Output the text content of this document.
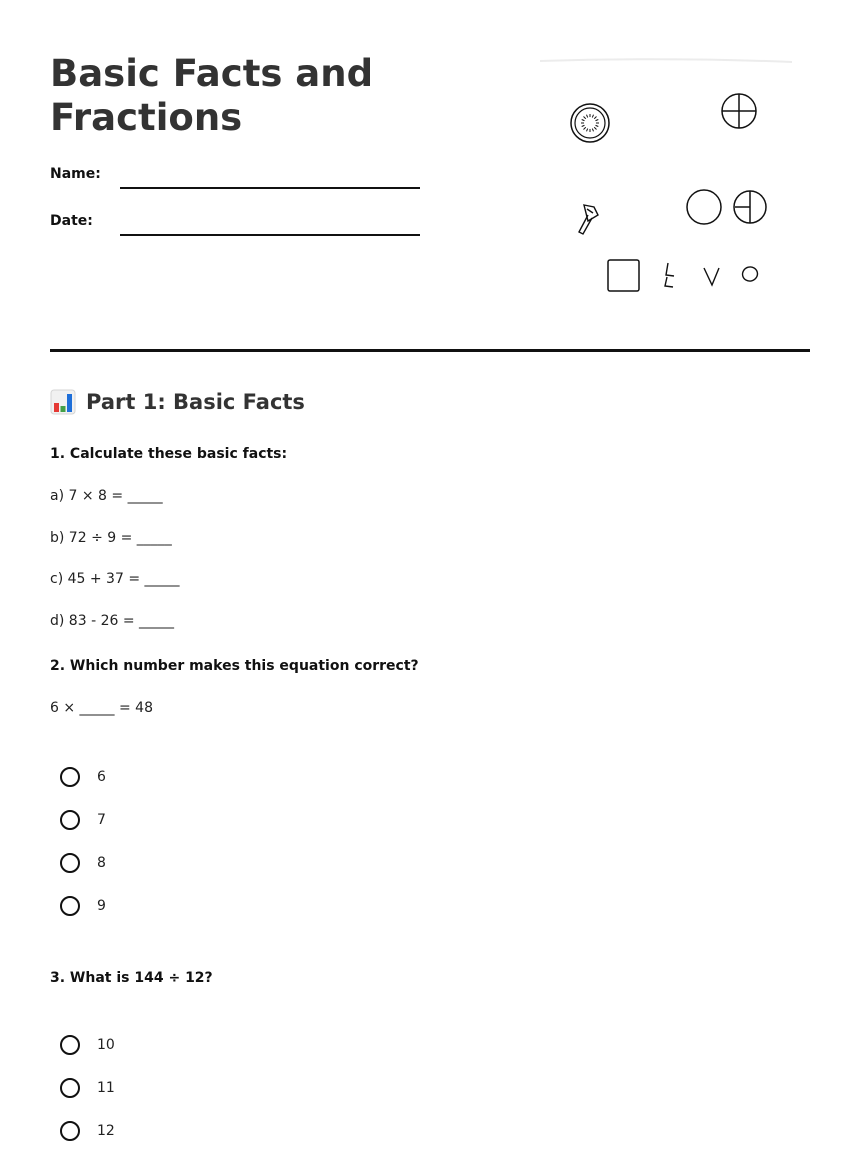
Basic Facts and Fractions
Name:
Date:
Part 1: Basic Facts
1. Calculate these basic facts:
a) 7 × 8 = _____
b) 72 ÷ 9 = _____
c) 45 + 37 = _____
d) 83 - 26 = _____
2. Which number makes this equation correct?
6 × _____ = 48
6
7
8
9
3. What is 144 ÷ 12?
10
11
12
